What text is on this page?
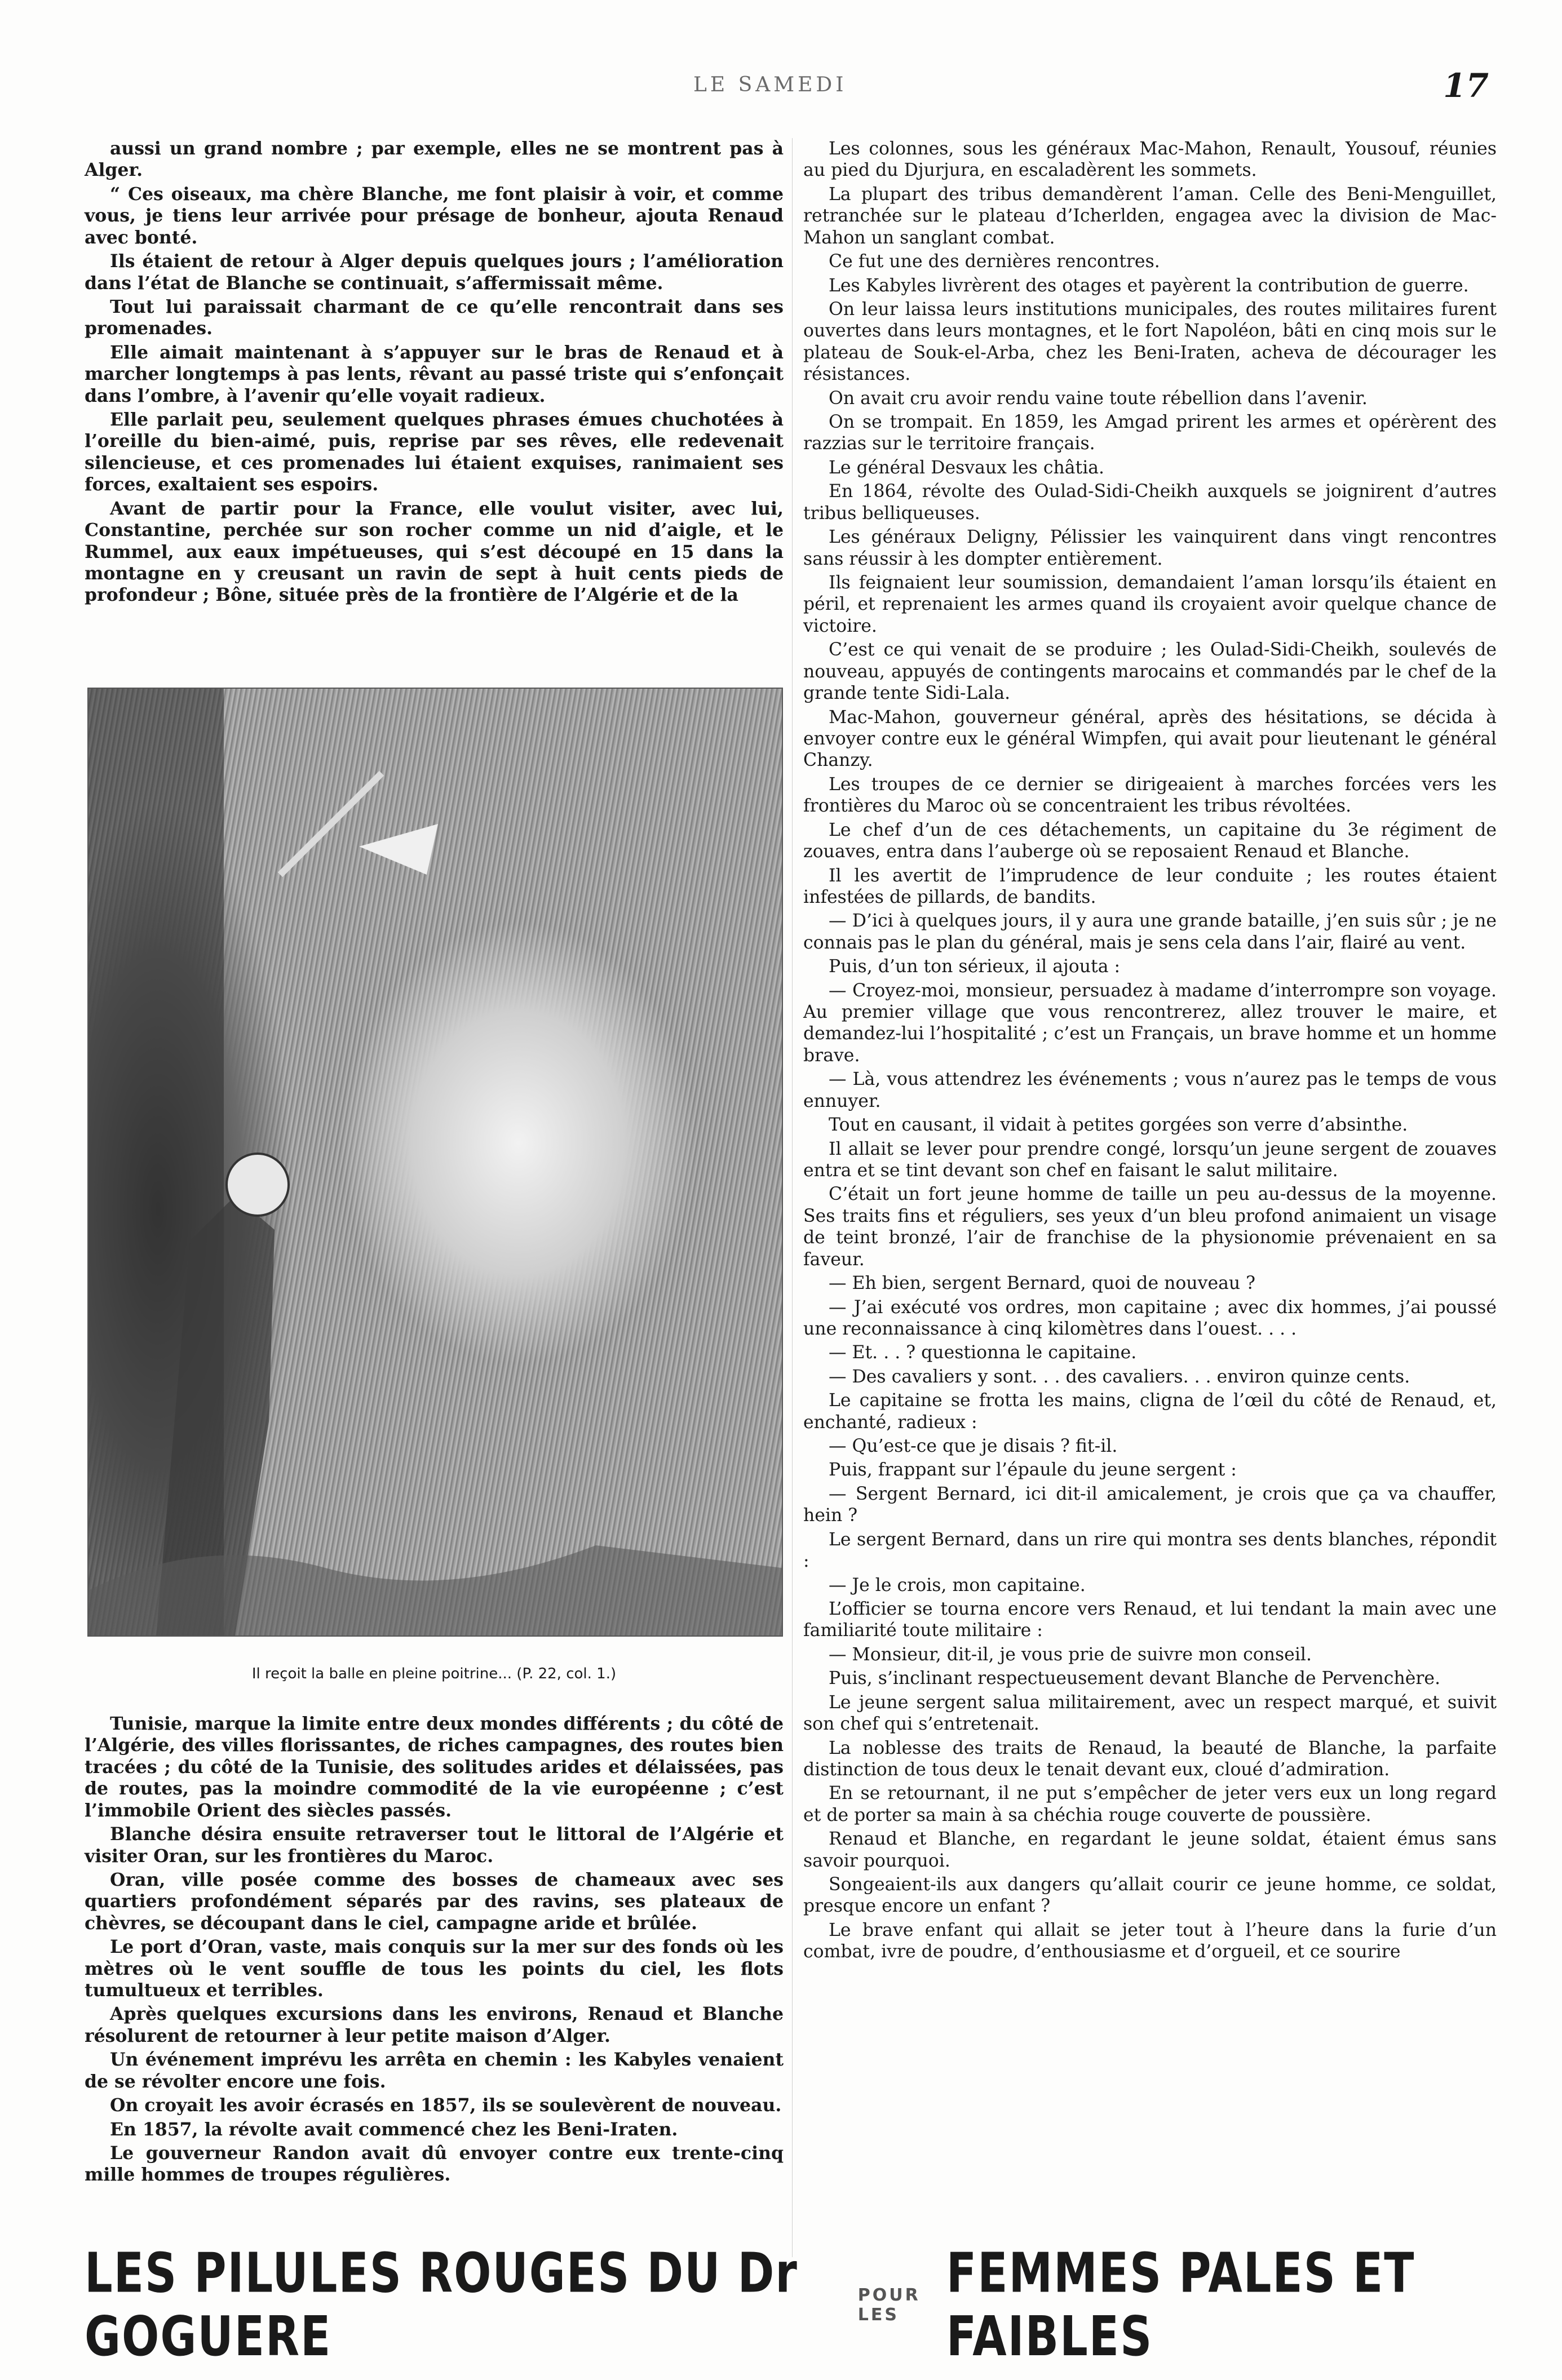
LE SAMEDI	17

aussi un grand nombre ; par exemple, elles ne se montrent pas à Alger.

“ Ces oiseaux, ma chère Blanche, me font plaisir à voir, et comme vous, je tiens leur arrivée pour présage de bonheur, ajouta Renaud avec bonté.

Ils étaient de retour à Alger depuis quelques jours ; l’amélioration dans l’état de Blanche se continuait, s’affermissait même.

Tout lui paraissait charmant de ce qu’elle rencontrait dans ses promenades.

Elle aimait maintenant à s’appuyer sur le bras de Renaud et à marcher longtemps à pas lents, rêvant au passé triste qui s’enfonçait dans l’ombre, à l’avenir qu’elle voyait radieux.

Elle parlait peu, seulement quelques phrases émues chuchotées à l’oreille du bien-aimé, puis, reprise par ses rêves, elle redevenait silencieuse, et ces promenades lui étaient exquises, ranimaient ses forces, exaltaient ses espoirs.

Avant de partir pour la France, elle voulut visiter, avec lui, Constantine, perchée sur son rocher comme un nid d’aigle, et le Rummel, aux eaux impétueuses, qui s’est découpé en 15 dans la montagne en y creusant un ravin de sept à huit cents pieds de profondeur ; Bône, située près de la frontière de l’Algérie et de la

Il reçoit la balle en pleine poitrine... (P. 22, col. 1.)

Tunisie, marque la limite entre deux mondes différents ; du côté de l’Algérie, des villes florissantes, de riches campagnes, des routes bien tracées ; du côté de la Tunisie, des solitudes arides et délaissées, pas de routes, pas la moindre commodité de la vie européenne ; c’est l’immobile Orient des siècles passés.

Blanche désira ensuite retraverser tout le littoral de l’Algérie et visiter Oran, sur les frontières du Maroc.

Oran, ville posée comme des bosses de chameaux avec ses quartiers profondément séparés par des ravins, ses plateaux de chèvres, se découpant dans le ciel, campagne aride et brûlée.

Le port d’Oran, vaste, mais conquis sur la mer sur des fonds où les mètres où le vent souffle de tous les points du ciel, les flots tumultueux et terribles.

Après quelques excursions dans les environs, Renaud et Blanche résolurent de retourner à leur petite maison d’Alger.

Un événement imprévu les arrêta en chemin : les Kabyles venaient de se révolter encore une fois.

On croyait les avoir écrasés en 1857, ils se soulevèrent de nouveau.

En 1857, la révolte avait commencé chez les Beni-Iraten.

Le gouverneur Randon avait dû envoyer contre eux trente-cinq mille hommes de troupes régulières.

Les colonnes, sous les généraux Mac-Mahon, Renault, Yousouf, réunies au pied du Djurjura, en escaladèrent les sommets.

La plupart des tribus demandèrent l’aman. Celle des Beni-Menguillet, retranchée sur le plateau d’Icherlden, engagea avec la division de Mac-Mahon un sanglant combat.

Ce fut une des dernières rencontres.

Les Kabyles livrèrent des otages et payèrent la contribution de guerre.

On leur laissa leurs institutions municipales, des routes militaires furent ouvertes dans leurs montagnes, et le fort Napoléon, bâti en cinq mois sur le plateau de Souk-el-Arba, chez les Beni-Iraten, acheva de décourager les résistances.

On avait cru avoir rendu vaine toute rébellion dans l’avenir.

On se trompait. En 1859, les Amgad prirent les armes et opérèrent des razzias sur le territoire français.

Le général Desvaux les châtia.

En 1864, révolte des Oulad-Sidi-Cheikh auxquels se joignirent d’autres tribus belliqueuses.

Les généraux Deligny, Pélissier les vainquirent dans vingt rencontres sans réussir à les dompter entièrement.

Ils feignaient leur soumission, demandaient l’aman lorsqu’ils étaient en péril, et reprenaient les armes quand ils croyaient avoir quelque chance de victoire.

C’est ce qui venait de se produire ; les Oulad-Sidi-Cheikh, soulevés de nouveau, appuyés de contingents marocains et commandés par le chef de la grande tente Sidi-Lala.

Mac-Mahon, gouverneur général, après des hésitations, se décida à envoyer contre eux le général Wimpfen, qui avait pour lieutenant le général Chanzy.

Les troupes de ce dernier se dirigeaient à marches forcées vers les frontières du Maroc où se concentraient les tribus révoltées.

Le chef d’un de ces détachements, un capitaine du 3e régiment de zouaves, entra dans l’auberge où se reposaient Renaud et Blanche.

Il les avertit de l’imprudence de leur conduite ; les routes étaient infestées de pillards, de bandits.

— D’ici à quelques jours, il y aura une grande bataille, j’en suis sûr ; je ne connais pas le plan du général, mais je sens cela dans l’air, flairé au vent.

Puis, d’un ton sérieux, il ajouta :

— Croyez-moi, monsieur, persuadez à madame d’interrompre son voyage. Au premier village que vous rencontrerez, allez trouver le maire, et demandez-lui l’hospitalité ; c’est un Français, un brave homme et un homme brave.

— Là, vous attendrez les événements ; vous n’aurez pas le temps de vous ennuyer.

Tout en causant, il vidait à petites gorgées son verre d’absinthe.

Il allait se lever pour prendre congé, lorsqu’un jeune sergent de zouaves entra et se tint devant son chef en faisant le salut militaire.

C’était un fort jeune homme de taille un peu au-dessus de la moyenne. Ses traits fins et réguliers, ses yeux d’un bleu profond animaient un visage de teint bronzé, l’air de franchise de la physionomie prévenaient en sa faveur.

— Eh bien, sergent Bernard, quoi de nouveau ?

— J’ai exécuté vos ordres, mon capitaine ; avec dix hommes, j’ai poussé une reconnaissance à cinq kilomètres dans l’ouest. . . .

— Et. . . ? questionna le capitaine.

— Des cavaliers y sont. . . des cavaliers. . . environ quinze cents.

Le capitaine se frotta les mains, cligna de l’œil du côté de Renaud, et, enchanté, radieux :

— Qu’est-ce que je disais ? fit-il.

Puis, frappant sur l’épaule du jeune sergent :

— Sergent Bernard, ici dit-il amicalement, je crois que ça va chauffer, hein ?

Le sergent Bernard, dans un rire qui montra ses dents blanches, répondit :

— Je le crois, mon capitaine.

L’officier se tourna encore vers Renaud, et lui tendant la main avec une familiarité toute militaire :

— Monsieur, dit-il, je vous prie de suivre mon conseil.

Puis, s’inclinant respectueusement devant Blanche de Pervenchère.

Le jeune sergent salua militairement, avec un respect marqué, et suivit son chef qui s’entretenait.

La noblesse des traits de Renaud, la beauté de Blanche, la parfaite distinction de tous deux le tenait devant eux, cloué d’admiration.

En se retournant, il ne put s’empêcher de jeter vers eux un long regard et de porter sa main à sa chéchia rouge couverte de poussière.

Renaud et Blanche, en regardant le jeune soldat, étaient émus sans savoir pourquoi.

Songeaient-ils aux dangers qu’allait courir ce jeune homme, ce soldat, presque encore un enfant ?

Le brave enfant qui allait se jeter tout à l’heure dans la furie d’un combat, ivre de poudre, d’enthousiasme et d’orgueil, et ce sourire

LES PILULES ROUGES DU Dr GOGUERE
POUR LES
FEMMES PALES ET FAIBLES
